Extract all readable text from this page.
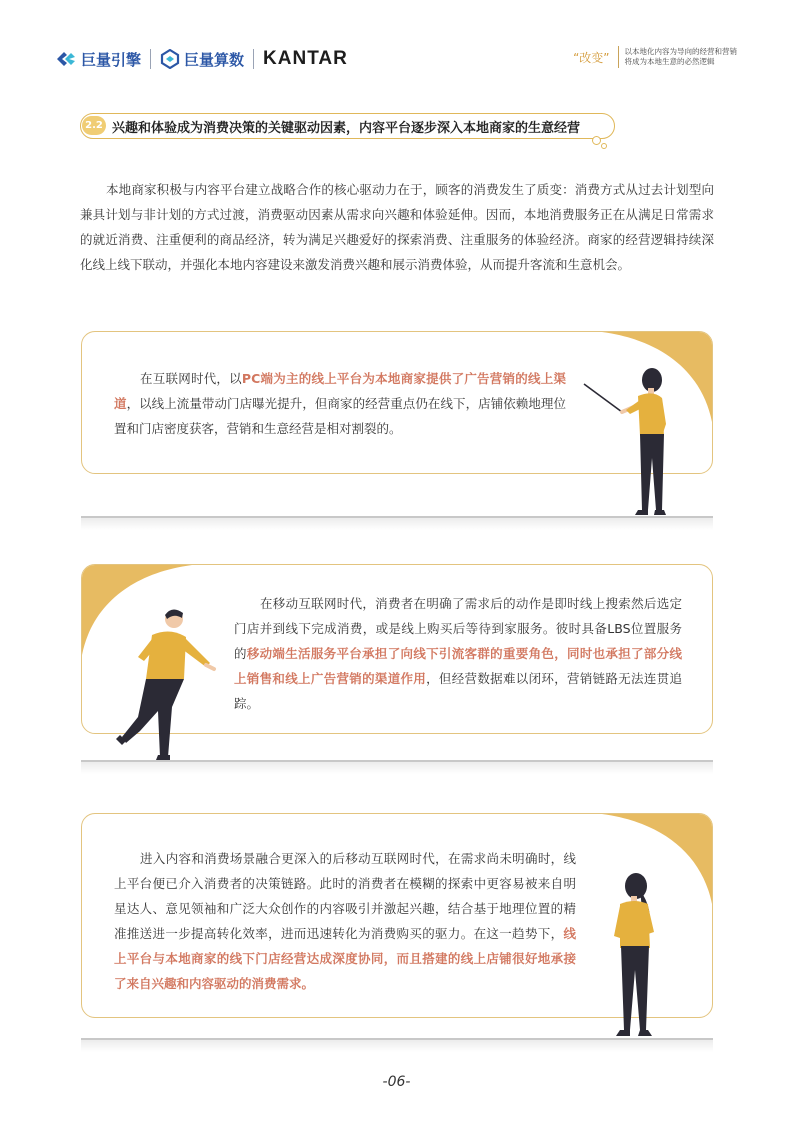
巨量引擎	巨量算数 KANTAR	“改变” 以本地化内容为导向的经营和营销
将成为本地生意的必然逻辑
2.2 兴趣和体验成为消费决策的关键驱动因素，内容平台逐步深入本地商家的生意经营

本地商家积极与内容平台建立战略合作的核心驱动力在于，顾客的消费发生了质变：消费方式从过去计划型向兼具计划与非计划的方式过渡，消费驱动因素从需求向兴趣和体验延伸。因而，本地消费服务正在从满足日常需求的就近消费、注重便利的商品经济，转为满足兴趣爱好的探索消费、注重服务的体验经济。商家的经营逻辑持续深化线上线下联动，并强化本地内容建设来激发消费兴趣和展示消费体验，从而提升客流和生意机会。

在互联网时代，以PC端为主的线上平台为本地商家提供了广告营销的线上渠道，以线上流量带动门店曝光提升，但商家的经营重点仍在线下，店铺依赖地理位置和门店密度获客，营销和生意经营是相对割裂的。

在移动互联网时代，消费者在明确了需求后的动作是即时线上搜索然后选定门店并到线下完成消费，或是线上购买后等待到家服务。彼时具备LBS位置服务的移动端生活服务平台承担了向线下引流客群的重要角色，同时也承担了部分线上销售和线上广告营销的渠道作用，但经营数据难以闭环，营销链路无法连贯追踪。

进入内容和消费场景融合更深入的后移动互联网时代，在需求尚未明确时，线上平台便已介入消费者的决策链路。此时的消费者在模糊的探索中更容易被来自明星达人、意见领袖和广泛大众创作的内容吸引并激起兴趣，结合基于地理位置的精准推送进一步提高转化效率，进而迅速转化为消费购买的驱力。在这一趋势下，线上平台与本地商家的线下门店经营达成深度协同，而且搭建的线上店铺很好地承接了来自兴趣和内容驱动的消费需求。

-06-
